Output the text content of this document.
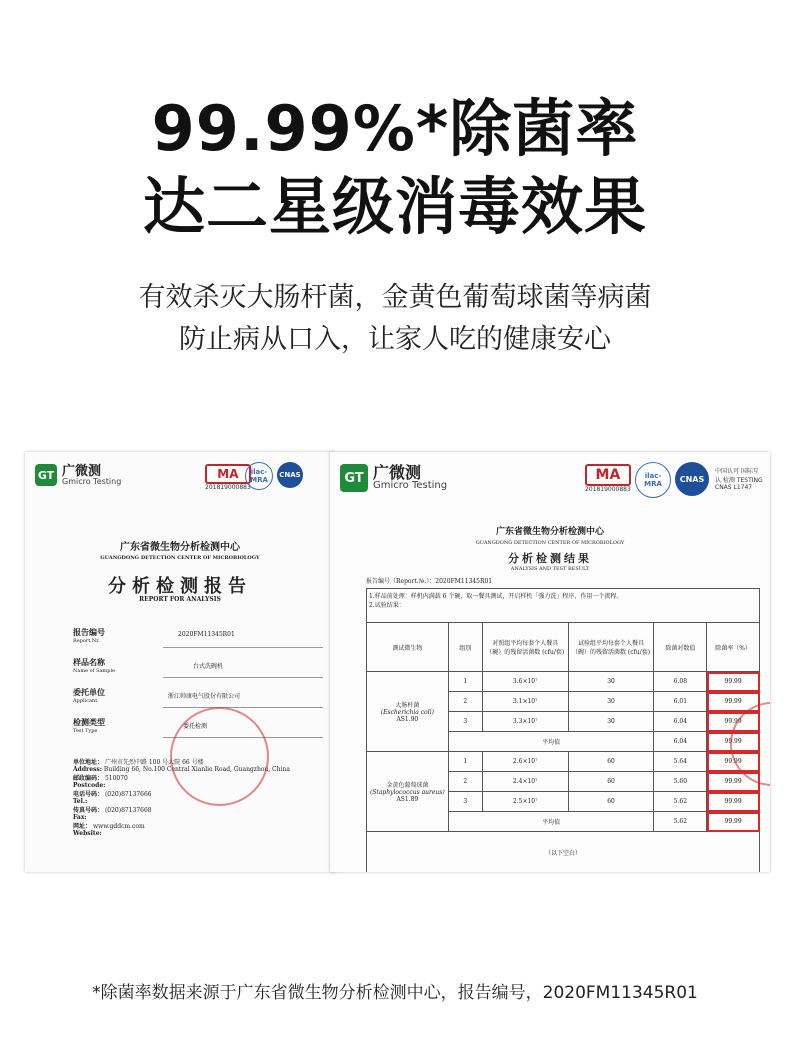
99.99%*除菌率
达二星级消毒效果
有效杀灭大肠杆菌，金黄色葡萄球菌等病菌
防止病从口入，让家人吃的健康安心
GT 广微测
Gmicro Testing	MA
201819000883
ilac-MRA
CNAS
广东省微生物分析检测中心
GUANGDONG DETECTION CENTER OF MICROBIOLOGY
分析检测报告
REPORT FOR ANALYSIS
报告编号
Report Nr.
2020FM11345R01
样品名称
Name of Sample
台式洗碗机
委托单位
Applicant
浙江帅康电气股份有限公司
检测类型
Test Type
委托检测
单位地址： 广州市先烈中路 100 号大院 66 号楼
Address: Building 66, No.100 Central Xianlie Road, Guangzhou, China
邮政编码： 510070
Postcode:
电话号码： (020)87137666
Tel.:
传真号码： (020)87137668
Fax:
网址： www.gddcm.com
Website:
GT 广微测
Gmicro Testing
MA
201819000883
ilac-MRA
CNAS
中国认可 国际互认 检测 TESTING CNAS L1747
广东省微生物分析检测中心
GUANGDONG DETECTION CENTER OF MICROBIOLOGY
分析检测结果
ANALYSIS AND TEST RESULT
报告编号（Report.№.）：2020FM11345R01
1.样品前处理：样机内满载 6 个碗，取一餐具测试，开启样机「强力洗」程序，作用一个流程。
2.试验结果：
测试微生物	组别	对照组平均每套个人餐具（碗）的残留活菌数 (cfu/套)	试验组平均每套个人餐具（碗）的残留活菌数 (cfu/套)	除菌对数值	除菌率（%）

大肠杆菌
(Escherichia coli)
AS1.90	1	3.6×10⁷	30	6.08	99.99
	2	3.1×10⁷	30	6.01	99.99
	3	3.3×10⁷	30	6.04	99.99
	平均值			6.04	99.99

金黄色葡萄球菌
(Staphylococcus aureus)
AS1.89	1	2.6×10⁷	60	5.64	99.99
	2	2.4×10⁷	60	5.60	99.99
	3	2.5×10⁷	60	5.62	99.99
	平均值			5.62	99.99
（以下空白）					
*除菌率数据来源于广东省微生物分析检测中心，报告编号，2020FM11345R01
